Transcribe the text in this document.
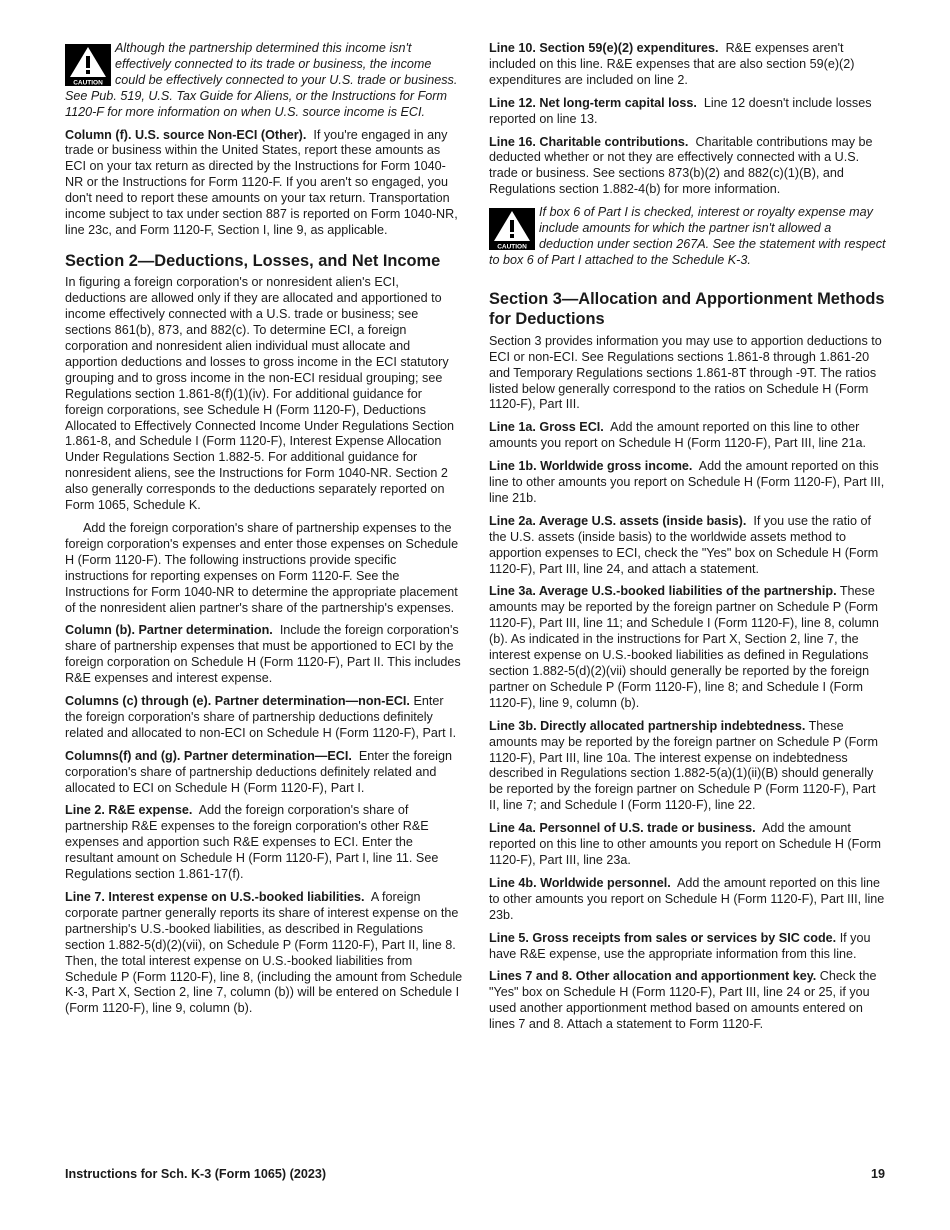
CAUTION
Although the partnership determined this income isn't effectively connected to its trade or business, the income could be effectively connected to your U.S. trade or business. See Pub. 519, U.S. Tax Guide for Aliens, or the Instructions for Form 1120-F for more information on when U.S. source income is ECI.

Column (f). U.S. source Non-ECI (Other). If you're engaged in any trade or business within the United States, report these amounts as ECI on your tax return as directed by the Instructions for Form 1040-NR or the Instructions for Form 1120-F. If you aren't so engaged, you don't need to report these amounts on your tax return. Transportation income subject to tax under section 887 is reported on Form 1040-NR, line 23c, and Form 1120-F, Section I, line 9, as applicable.

Section 2—Deductions, Losses, and Net Income

In figuring a foreign corporation's or nonresident alien's ECI, deductions are allowed only if they are allocated and apportioned to income effectively connected with a U.S. trade or business; see sections 861(b), 873, and 882(c). To determine ECI, a foreign corporation and nonresident alien individual must allocate and apportion deductions and losses to gross income in the ECI statutory grouping and to gross income in the non-ECI residual grouping; see Regulations section 1.861-8(f)(1)(iv). For additional guidance for foreign corporations, see Schedule H (Form 1120-F), Deductions Allocated to Effectively Connected Income Under Regulations Section 1.861-8, and Schedule I (Form 1120-F), Interest Expense Allocation Under Regulations Section 1.882-5. For additional guidance for nonresident aliens, see the Instructions for Form 1040-NR. Section 2 also generally corresponds to the deductions separately reported on Form 1065, Schedule K.

Add the foreign corporation's share of partnership expenses to the foreign corporation's expenses and enter those expenses on Schedule H (Form 1120-F). The following instructions provide specific instructions for reporting expenses on Form 1120-F. See the Instructions for Form 1040-NR to determine the appropriate placement of the nonresident alien partner's share of the partnership's expenses.

Column (b). Partner determination. Include the foreign corporation's share of partnership expenses that must be apportioned to ECI by the foreign corporation on Schedule H (Form 1120-F), Part II. This includes R&E expenses and interest expense.

Columns (c) through (e). Partner determination—non-ECI. Enter the foreign corporation's share of partnership deductions definitely related and allocated to non-ECI on Schedule H (Form 1120-F), Part I.

Columns(f) and (g). Partner determination—ECI. Enter the foreign corporation's share of partnership deductions definitely related and allocated to ECI on Schedule H (Form 1120-F), Part I.

Line 2. R&E expense. Add the foreign corporation's share of partnership R&E expenses to the foreign corporation's other R&E expenses and apportion such R&E expenses to ECI. Enter the resultant amount on Schedule H (Form 1120-F), Part I, line 11. See Regulations section 1.861-17(f).

Line 7. Interest expense on U.S.-booked liabilities. A foreign corporate partner generally reports its share of interest expense on the partnership's U.S.-booked liabilities, as described in Regulations section 1.882-5(d)(2)(vii), on Schedule P (Form 1120-F), Part II, line 8. Then, the total interest expense on U.S.-booked liabilities from Schedule P (Form 1120-F), line 8, (including the amount from Schedule K-3, Part X, Section 2, line 7, column (b)) will be entered on Schedule I (Form 1120-F), line 9, column (b).

Line 10. Section 59(e)(2) expenditures. R&E expenses aren't included on this line. R&E expenses that are also section 59(e)(2) expenditures are included on line 2.

Line 12. Net long-term capital loss. Line 12 doesn't include losses reported on line 13.

Line 16. Charitable contributions. Charitable contributions may be deducted whether or not they are effectively connected with a U.S. trade or business. See sections 873(b)(2) and 882(c)(1)(B), and Regulations section 1.882-4(b) for more information.

CAUTION
If box 6 of Part I is checked, interest or royalty expense may include amounts for which the partner isn't allowed a deduction under section 267A. See the statement with respect to box 6 of Part I attached to the Schedule K-3.

Section 3—Allocation and Apportionment Methods for Deductions

Section 3 provides information you may use to apportion deductions to ECI or non-ECI. See Regulations sections 1.861-8 through 1.861-20 and Temporary Regulations sections 1.861-8T through -9T. The ratios listed below generally correspond to the ratios on Schedule H (Form 1120-F), Part III.

Line 1a. Gross ECI. Add the amount reported on this line to other amounts you report on Schedule H (Form 1120-F), Part III, line 21a.

Line 1b. Worldwide gross income. Add the amount reported on this line to other amounts you report on Schedule H (Form 1120-F), Part III, line 21b.

Line 2a. Average U.S. assets (inside basis). If you use the ratio of the U.S. assets (inside basis) to the worldwide assets method to apportion expenses to ECI, check the "Yes" box on Schedule H (Form 1120-F), Part III, line 24, and attach a statement.

Line 3a. Average U.S.-booked liabilities of the partnership. These amounts may be reported by the foreign partner on Schedule P (Form 1120-F), Part III, line 11; and Schedule I (Form 1120-F), line 8, column (b). As indicated in the instructions for Part X, Section 2, line 7, the interest expense on U.S.-booked liabilities as defined in Regulations section 1.882-5(d)(2)(vii) should generally be reported by the foreign partner on Schedule P (Form 1120-F), line 8; and Schedule I (Form 1120-F), line 9, column (b).

Line 3b. Directly allocated partnership indebtedness. These amounts may be reported by the foreign partner on Schedule P (Form 1120-F), Part III, line 10a. The interest expense on indebtedness described in Regulations section 1.882-5(a)(1)(ii)(B) should generally be reported by the foreign partner on Schedule P (Form 1120-F), Part II, line 7; and Schedule I (Form 1120-F), line 22.

Line 4a. Personnel of U.S. trade or business. Add the amount reported on this line to other amounts you report on Schedule H (Form 1120-F), Part III, line 23a.

Line 4b. Worldwide personnel. Add the amount reported on this line to other amounts you report on Schedule H (Form 1120-F), Part III, line 23b.

Line 5. Gross receipts from sales or services by SIC code. If you have R&E expense, use the appropriate information from this line.

Lines 7 and 8. Other allocation and apportionment key. Check the "Yes" box on Schedule H (Form 1120-F), Part III, line 24 or 25, if you used another apportionment method based on amounts entered on lines 7 and 8. Attach a statement to Form 1120-F.

Instructions for Sch. K-3 (Form 1065) (2023)	19
